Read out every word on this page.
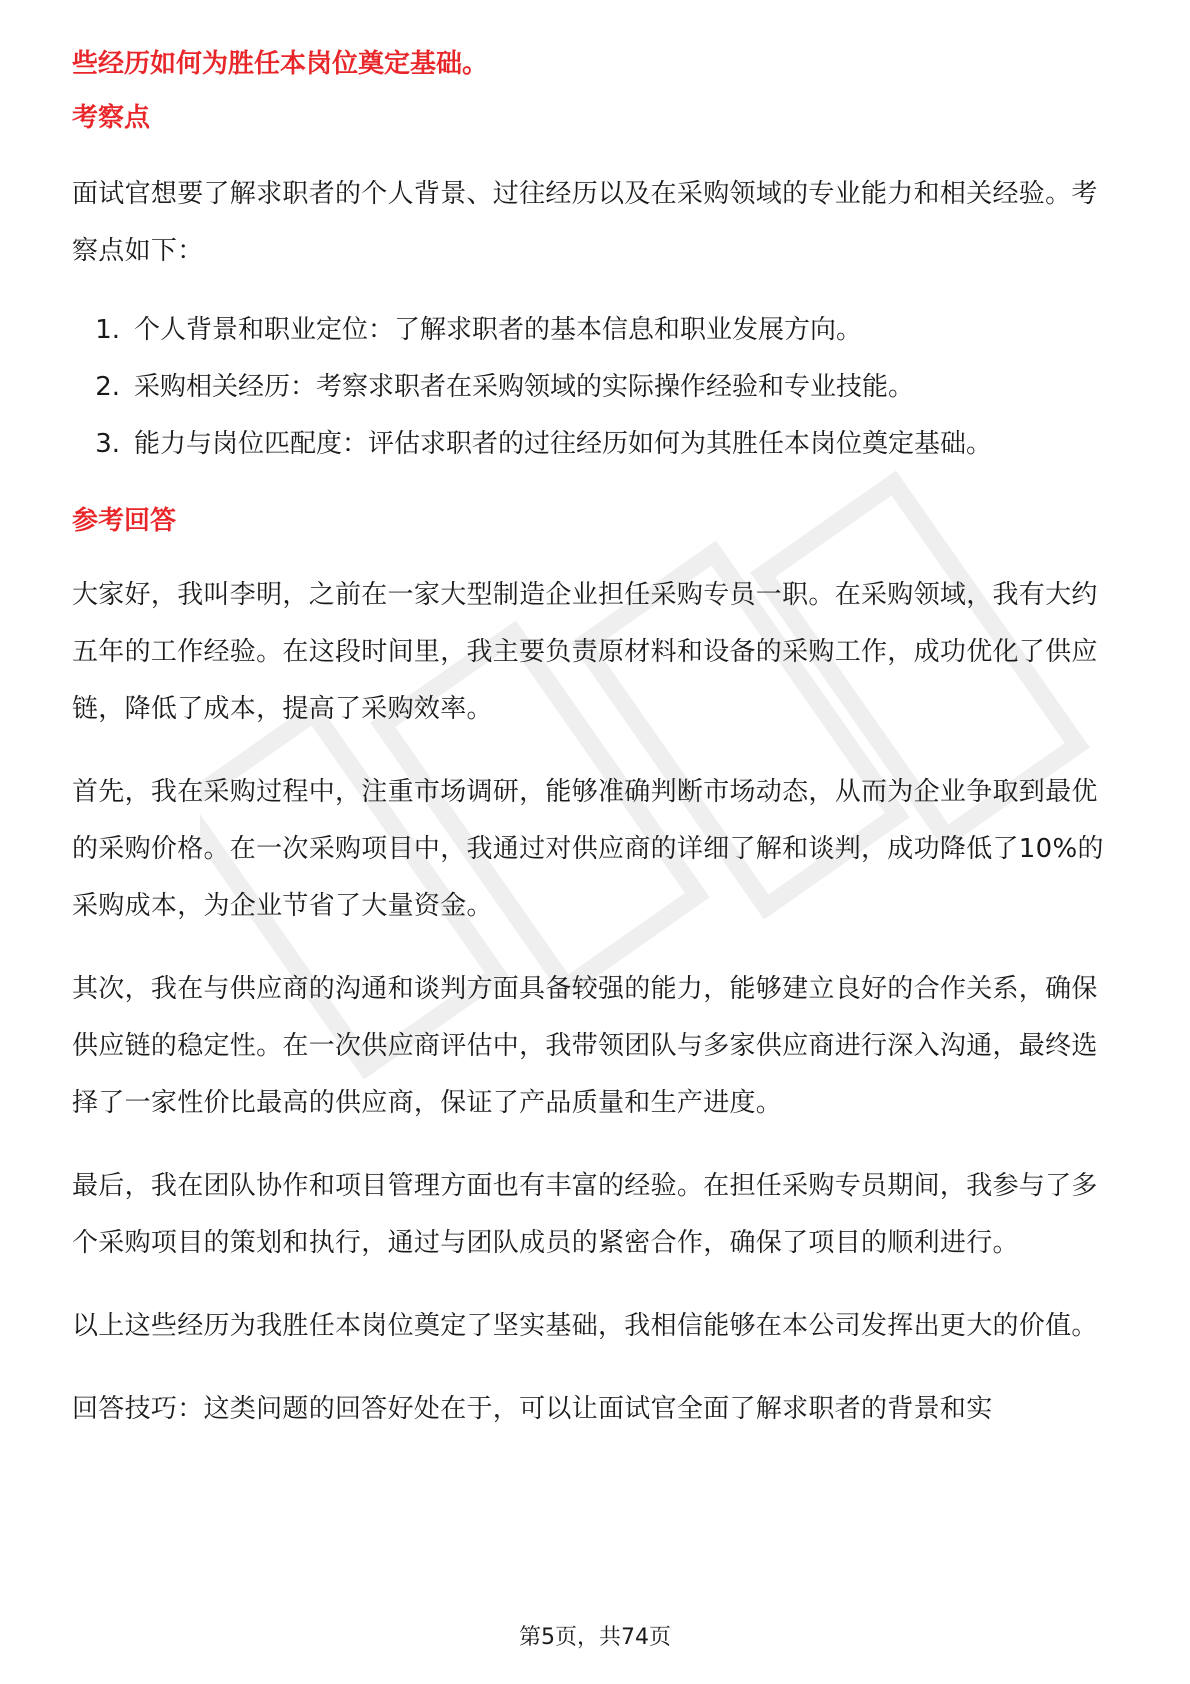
些经历如何为胜任本岗位奠定基础。

考察点

面试官想要了解求职者的个人背景、过往经历以及在采购领域的专业能力和相关经验。考察点如下：

1. 个人背景和职业定位：了解求职者的基本信息和职业发展方向。
2. 采购相关经历：考察求职者在采购领域的实际操作经验和专业技能。
3. 能力与岗位匹配度：评估求职者的过往经历如何为其胜任本岗位奠定基础。
参考回答

大家好，我叫李明，之前在一家大型制造企业担任采购专员一职。在采购领域，我有大约五年的工作经验。在这段时间里，我主要负责原材料和设备的采购工作，成功优化了供应链，降低了成本，提高了采购效率。

首先，我在采购过程中，注重市场调研，能够准确判断市场动态，从而为企业争取到最优的采购价格。在一次采购项目中，我通过对供应商的详细了解和谈判，成功降低了10%的采购成本，为企业节省了大量资金。

其次，我在与供应商的沟通和谈判方面具备较强的能力，能够建立良好的合作关系，确保供应链的稳定性。在一次供应商评估中，我带领团队与多家供应商进行深入沟通，最终选择了一家性价比最高的供应商，保证了产品质量和生产进度。

最后，我在团队协作和项目管理方面也有丰富的经验。在担任采购专员期间，我参与了多个采购项目的策划和执行，通过与团队成员的紧密合作，确保了项目的顺利进行。

以上这些经历为我胜任本岗位奠定了坚实基础，我相信能够在本公司发挥出更大的价值。

回答技巧：这类问题的回答好处在于，可以让面试官全面了解求职者的背景和实

第5页，共74页
